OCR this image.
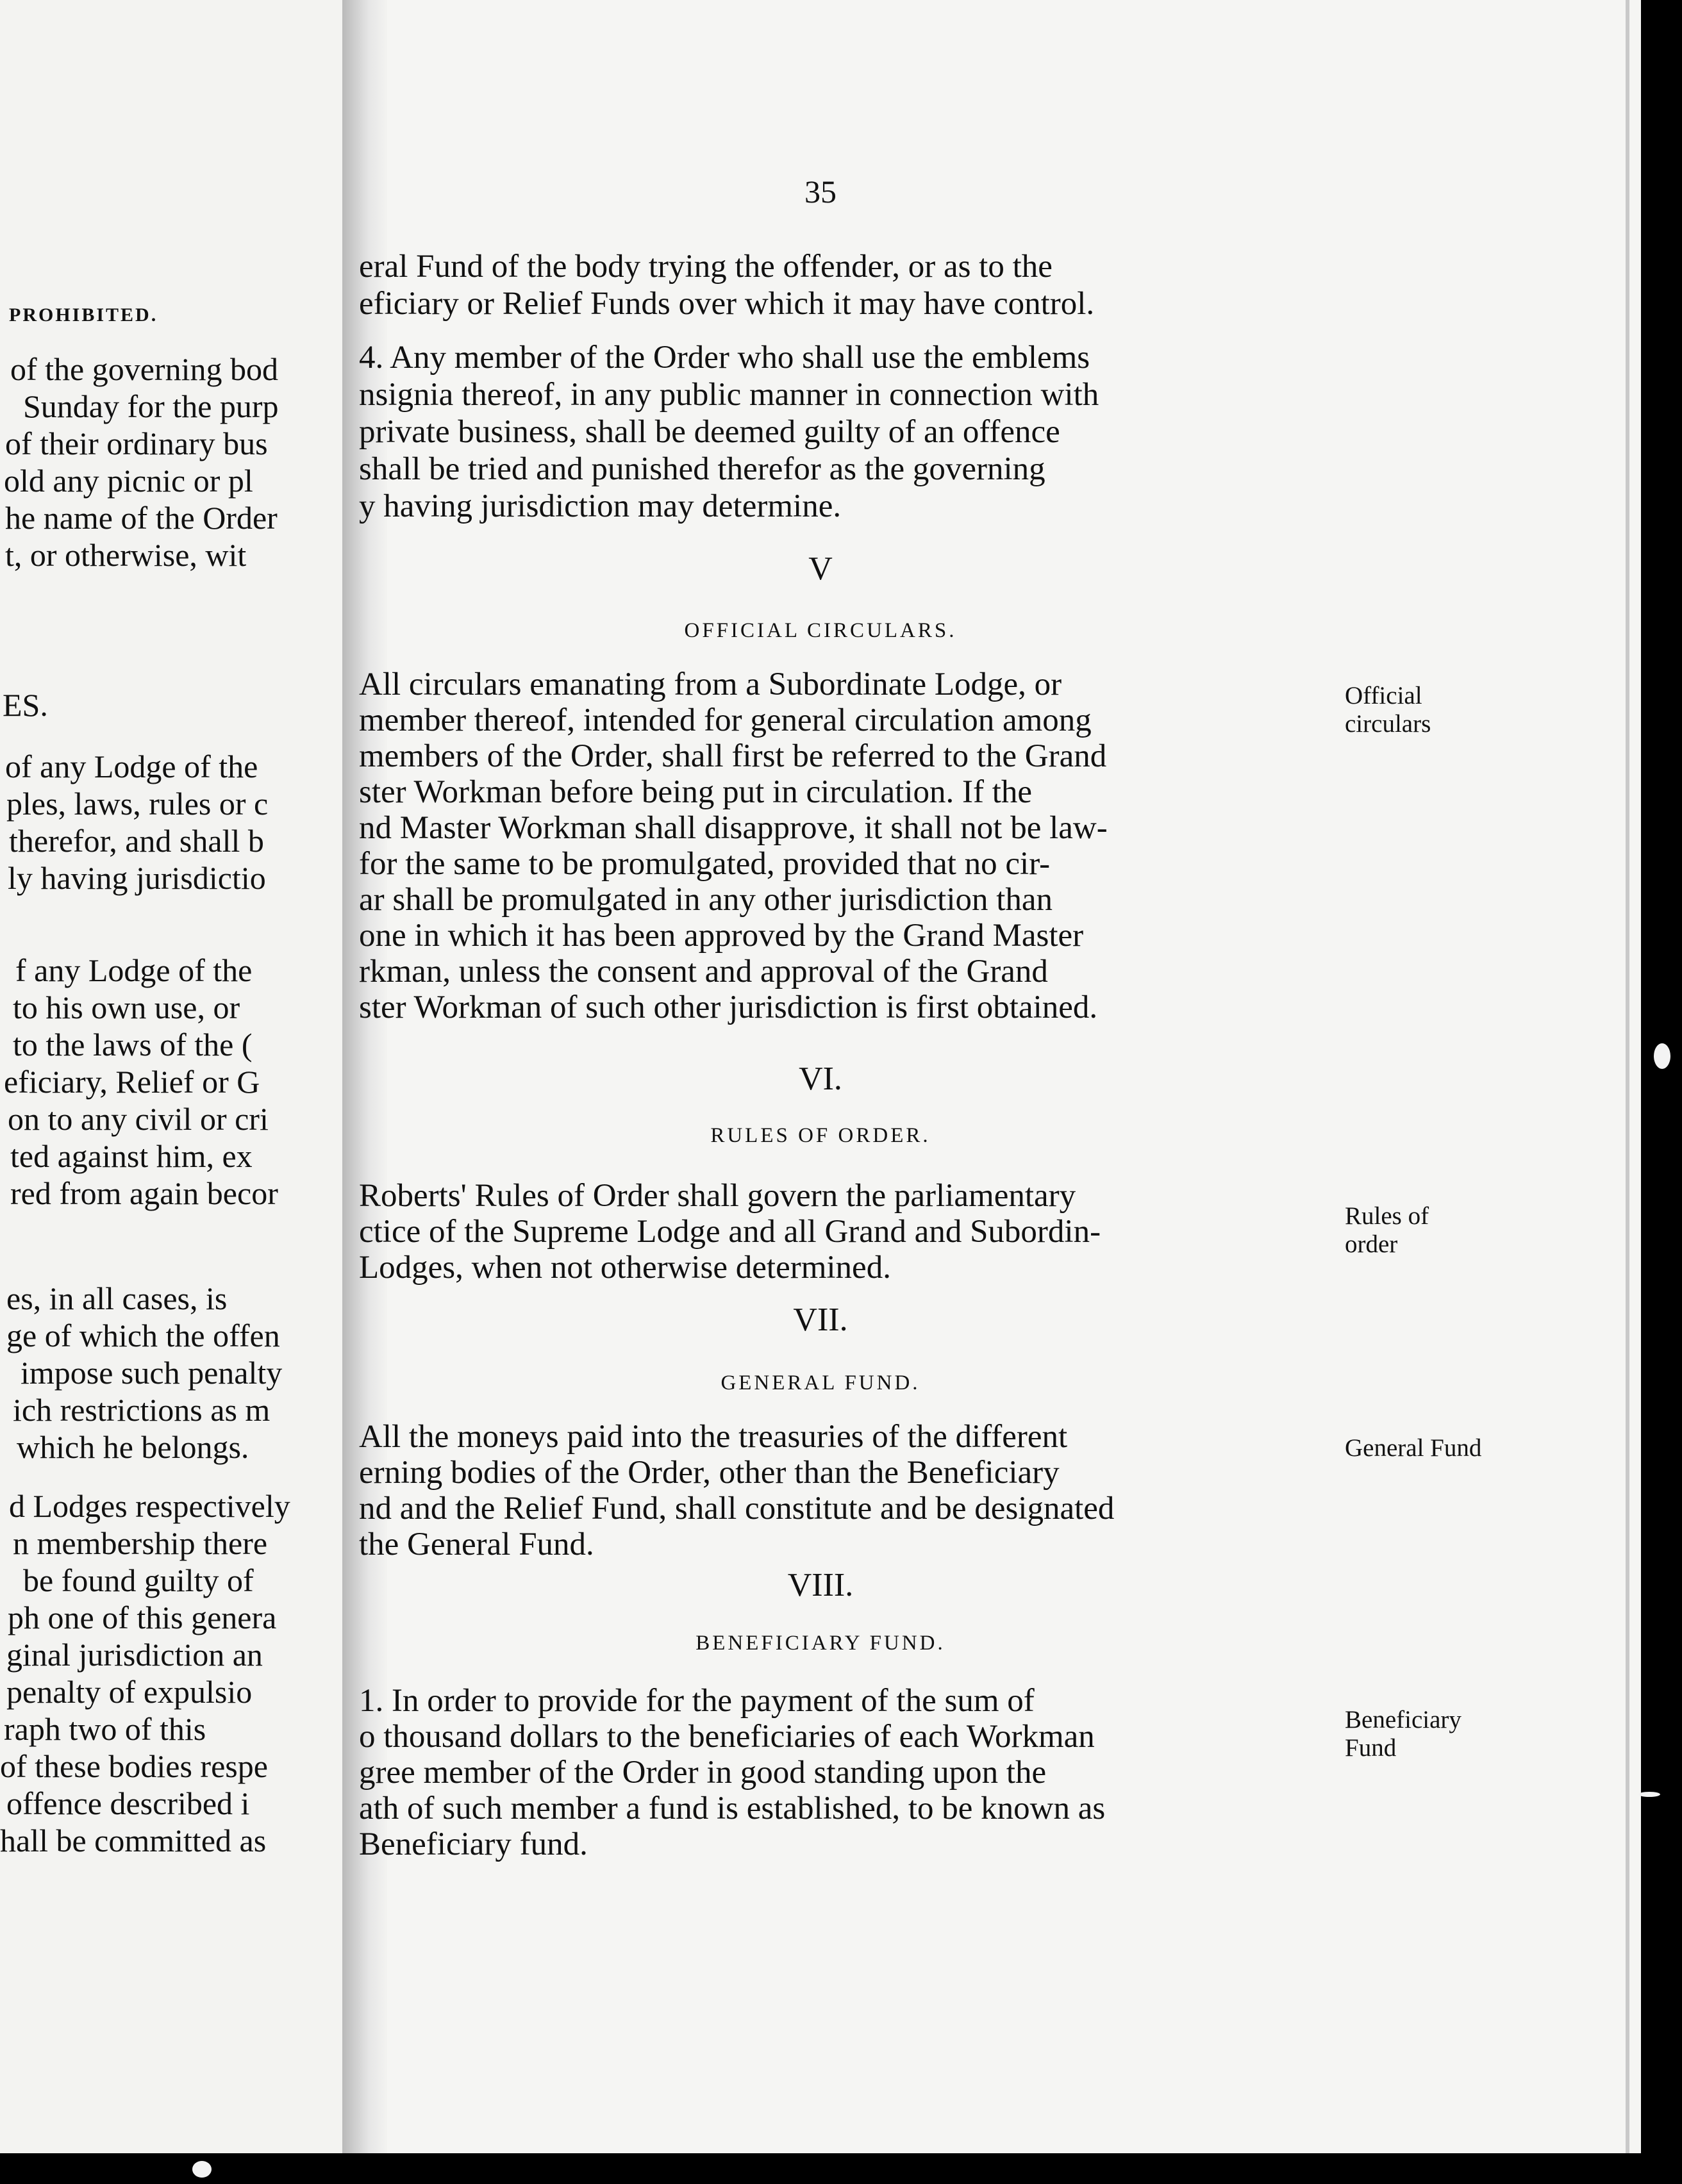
PROHIBITED.
of the governing bod
Sunday for the purp
of their ordinary bus
old any picnic or pl
he name of the Order
t, or otherwise, wit
ES.
of any Lodge of the
ples, laws, rules or c
therefor, and shall b
ly having jurisdictio
f any Lodge of the
to his own use, or
to the laws of the (
eficiary, Relief or G
on to any civil or cri
ted against him, ex
red from again becor
es, in all cases, is
ge of which the offen
impose such penalty
ich restrictions as m
which he belongs.
d Lodges respectively
n membership there
be found guilty of
ph one of this genera
ginal jurisdiction an
penalty of expulsio
raph two of this
of these bodies respe
offence described i
hall be committed as
35
eral Fund of the body trying the offender, or as to the
eficiary or Relief Funds over which it may have control.
4. Any member of the Order who shall use the emblems
nsignia thereof, in any public manner in connection with
private business, shall be deemed guilty of an offence
shall be tried and punished therefor as the governing
y having jurisdiction may determine.
V
OFFICIAL CIRCULARS.
Official
circulars
All circulars emanating from a Subordinate Lodge, or
member thereof, intended for general circulation among
members of the Order, shall first be referred to the Grand
ster Workman before being put in circulation. If the
nd Master Workman shall disapprove, it shall not be law-
for the same to be promulgated, provided that no cir-
ar shall be promulgated in any other jurisdiction than
one in which it has been approved by the Grand Master
rkman, unless the consent and approval of the Grand
ster Workman of such other jurisdiction is first obtained.
VI.
RULES OF ORDER.
Rules of
order
Roberts' Rules of Order shall govern the parliamentary
ctice of the Supreme Lodge and all Grand and Subordin-
Lodges, when not otherwise determined.
VII.
GENERAL FUND.
General Fund
All the moneys paid into the treasuries of the different
erning bodies of the Order, other than the Beneficiary
nd and the Relief Fund, shall constitute and be designated
the General Fund.
VIII.
BENEFICIARY FUND.
Beneficiary
Fund
1. In order to provide for the payment of the sum of
o thousand dollars to the beneficiaries of each Workman
gree member of the Order in good standing upon the
ath of such member a fund is established, to be known as
Beneficiary fund.
